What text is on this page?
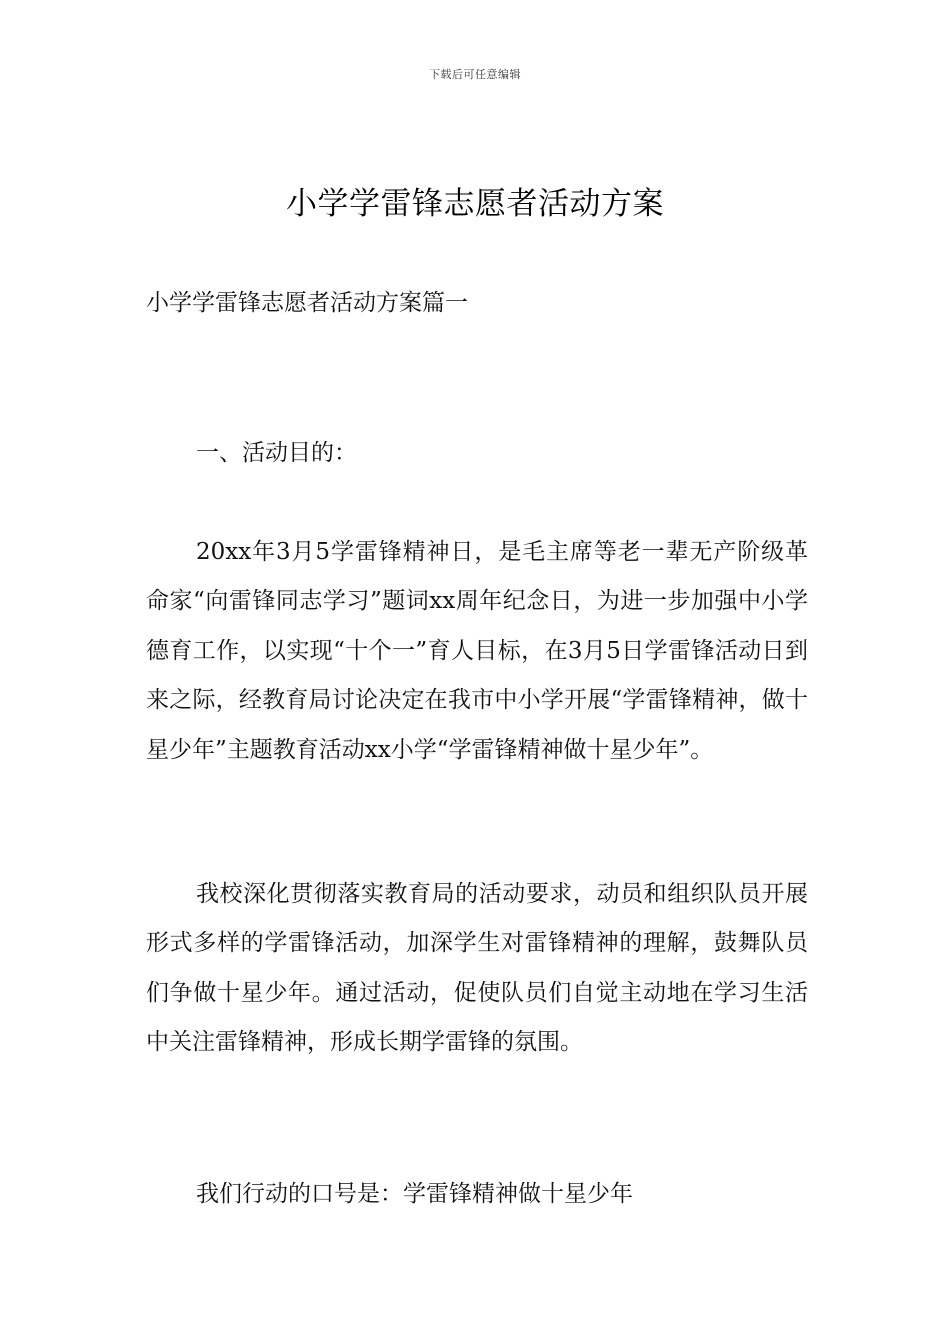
下载后可任意编辑
小学学雷锋志愿者活动方案
小学学雷锋志愿者活动方案篇一
一、活动目的：

20xx年3月5学雷锋精神日，是毛主席等老一辈无产阶级革命家“向雷锋同志学习”题词xx周年纪念日，为进一步加强中小学德育工作，以实现“十个一”育人目标，在3月5日学雷锋活动日到来之际，经教育局讨论决定在我市中小学开展“学雷锋精神，做十星少年”主题教育活动xx小学“学雷锋精神做十星少年”。

我校深化贯彻落实教育局的活动要求，动员和组织队员开展形式多样的学雷锋活动，加深学生对雷锋精神的理解，鼓舞队员们争做十星少年。通过活动，促使队员们自觉主动地在学习生活中关注雷锋精神，形成长期学雷锋的氛围。

我们行动的口号是：学雷锋精神做十星少年
